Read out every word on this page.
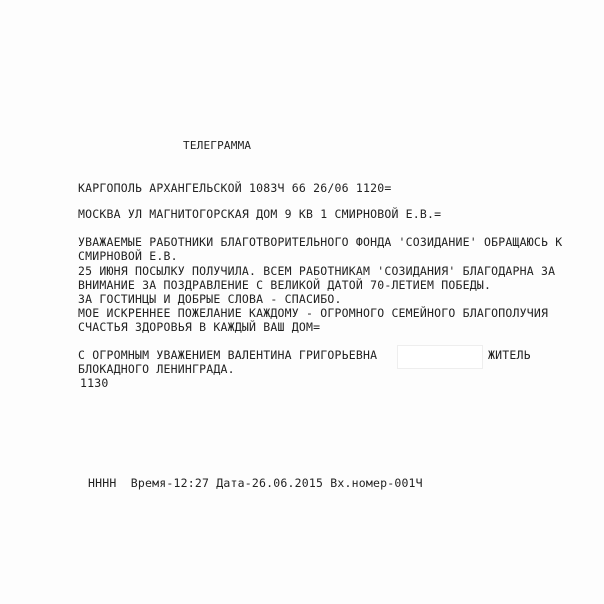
ТЕЛЕГРАММА
КАРГОПОЛЬ АРХАНГЕЛЬСКОЙ 1083Ч 66 26/06 1120=
МОСКВА УЛ МАГНИТОГОРСКАЯ ДОМ 9 КВ 1 СМИРНОВОЙ Е.В.=
УВАЖАЕМЫЕ РАБОТНИКИ БЛАГОТВОРИТЕЛЬНОГО ФОНДА 'СОЗИДАНИЕ' ОБРАЩАЮСЬ К
СМИРНОВОЙ Е.В.
25 ИЮНЯ ПОСЫЛКУ ПОЛУЧИЛА. ВСЕМ РАБОТНИКАМ 'СОЗИДАНИЯ' БЛАГОДАРНА ЗА
ВНИМАНИЕ ЗА ПОЗДРАВЛЕНИЕ С ВЕЛИКОЙ ДАТОЙ 70-ЛЕТИЕМ ПОБЕДЫ.
ЗА ГОСТИНЦЫ И ДОБРЫЕ СЛОВА - СПАСИБО.
МОЕ ИСКРЕННЕЕ ПОЖЕЛАНИЕ КАЖДОМУ - ОГРОМНОГО СЕМЕЙНОГО БЛАГОПОЛУЧИЯ
СЧАСТЬЯ ЗДОРОВЬЯ В КАЖДЫЙ ВАШ ДОМ=
С ОГРОМНЫМ УВАЖЕНИЕМ ВАЛЕНТИНА ГРИГОРЬЕВНА	ЖИТЕЛЬ
БЛОКАДНОГО ЛЕНИНГРАДА.
1130
НННН  Время-12:27 Дата-26.06.2015 Вх.номер-001Ч
